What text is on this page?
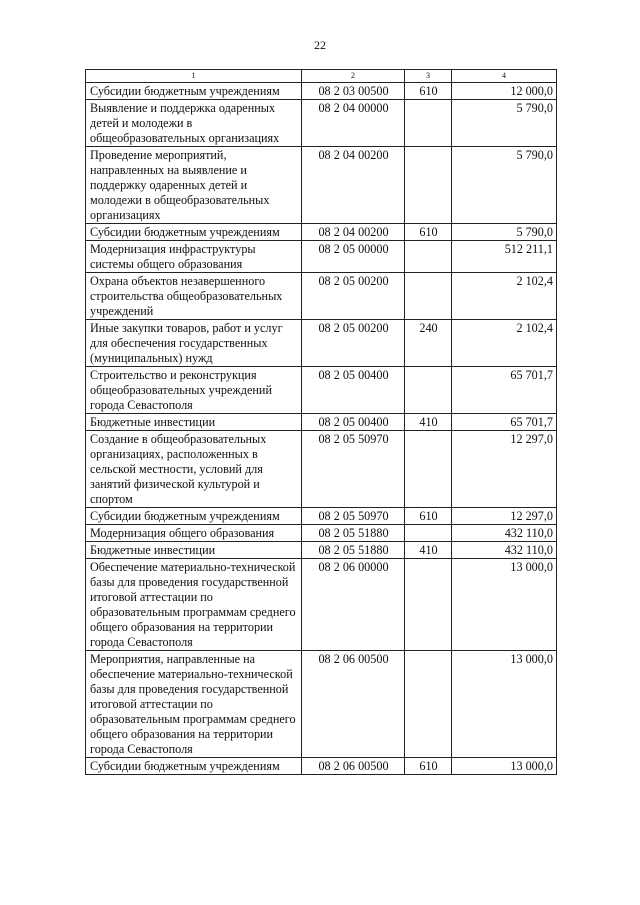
22
1	2	3	4
Субсидии бюджетным учреждениям	08 2 03 00500	610	12 000,0
Выявление и поддержка одаренных детей и молодежи в общеобразовательных организациях	08 2 04 00000		5 790,0
Проведение мероприятий, направленных на выявление и поддержку одаренных детей и молодежи в общеобразовательных организациях	08 2 04 00200		5 790,0
Субсидии бюджетным учреждениям	08 2 04 00200	610	5 790,0
Модернизация инфраструктуры системы общего образования	08 2 05 00000		512 211,1
Охрана объектов незавершенного строительства общеобразовательных учреждений	08 2 05 00200		2 102,4
Иные закупки товаров, работ и услуг для обеспечения государственных (муниципальных) нужд	08 2 05 00200	240	2 102,4
Строительство и реконструкция общеобразовательных учреждений города Севастополя	08 2 05 00400		65 701,7
Бюджетные инвестиции	08 2 05 00400	410	65 701,7
Создание в общеобразовательных организациях, расположенных в сельской местности, условий для занятий физической культурой и спортом	08 2 05 50970		12 297,0
Субсидии бюджетным учреждениям	08 2 05 50970	610	12 297,0
Модернизация общего образования	08 2 05 51880		432 110,0
Бюджетные инвестиции	08 2 05 51880	410	432 110,0
Обеспечение материально-технической базы для проведения государственной итоговой аттестации по образовательным программам среднего общего образования на территории города Севастополя	08 2 06 00000		13 000,0
Мероприятия, направленные на обеспечение материально-технической базы для проведения государственной итоговой аттестации по образовательным программам среднего общего образования на территории города Севастополя	08 2 06 00500		13 000,0
Субсидии бюджетным учреждениям	08 2 06 00500	610	13 000,0
